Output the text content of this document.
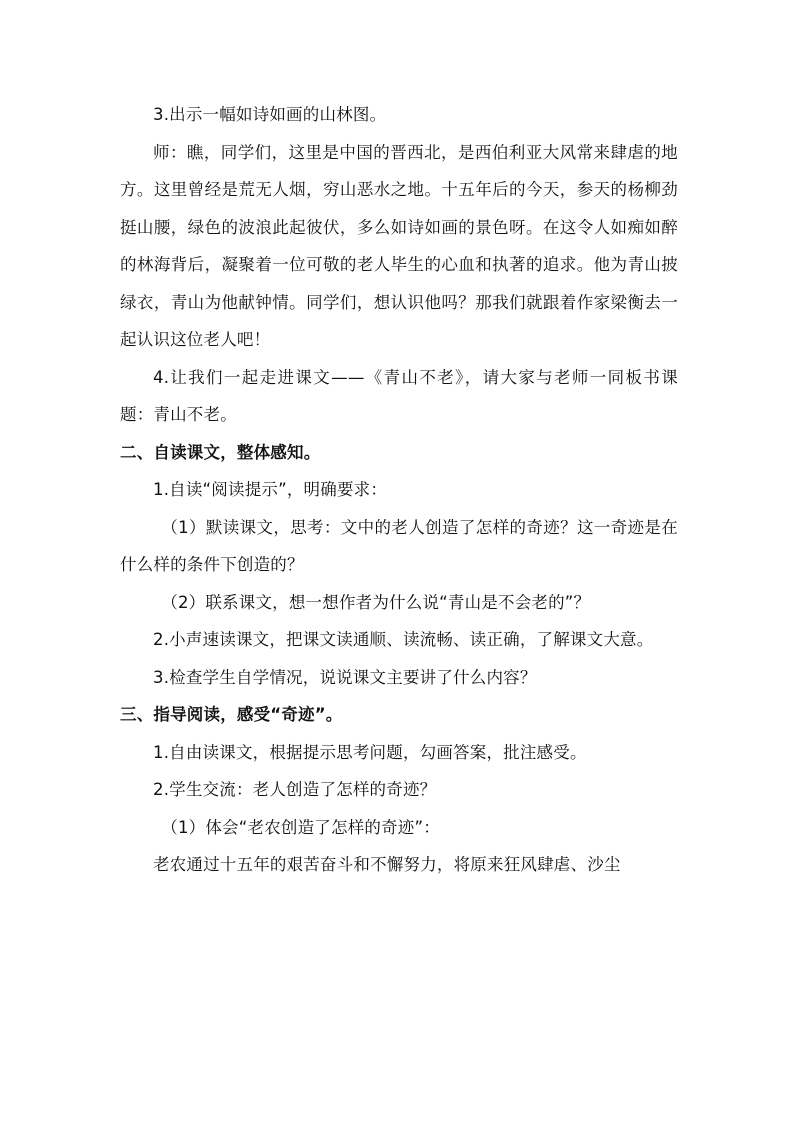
3.出示一幅如诗如画的山林图。

师：瞧，同学们，这里是中国的晋西北，是西伯利亚大风常来肆虐的地方。这里曾经是荒无人烟，穷山恶水之地。十五年后的今天，参天的杨柳劲挺山腰，绿色的波浪此起彼伏，多么如诗如画的景色呀。在这令人如痴如醉的林海背后，凝聚着一位可敬的老人毕生的心血和执著的追求。他为青山披绿衣，青山为他献钟情。同学们，想认识他吗？那我们就跟着作家梁衡去一起认识这位老人吧！

4.让我们一起走进课文——《青山不老》，请大家与老师一同板书课题：青山不老。

二、自读课文，整体感知。

1.自读“阅读提示”，明确要求：

（1）默读课文，思考：文中的老人创造了怎样的奇迹？这一奇迹是在什么样的条件下创造的？

（2）联系课文，想一想作者为什么说“青山是不会老的”？

2.小声速读课文，把课文读通顺、读流畅、读正确，了解课文大意。

3.检查学生自学情况，说说课文主要讲了什么内容？

三、指导阅读，感受“奇迹”。

1.自由读课文，根据提示思考问题，勾画答案，批注感受。

2.学生交流：老人创造了怎样的奇迹？

（1）体会“老农创造了怎样的奇迹”：

老农通过十五年的艰苦奋斗和不懈努力，将原来狂风肆虐、沙尘
